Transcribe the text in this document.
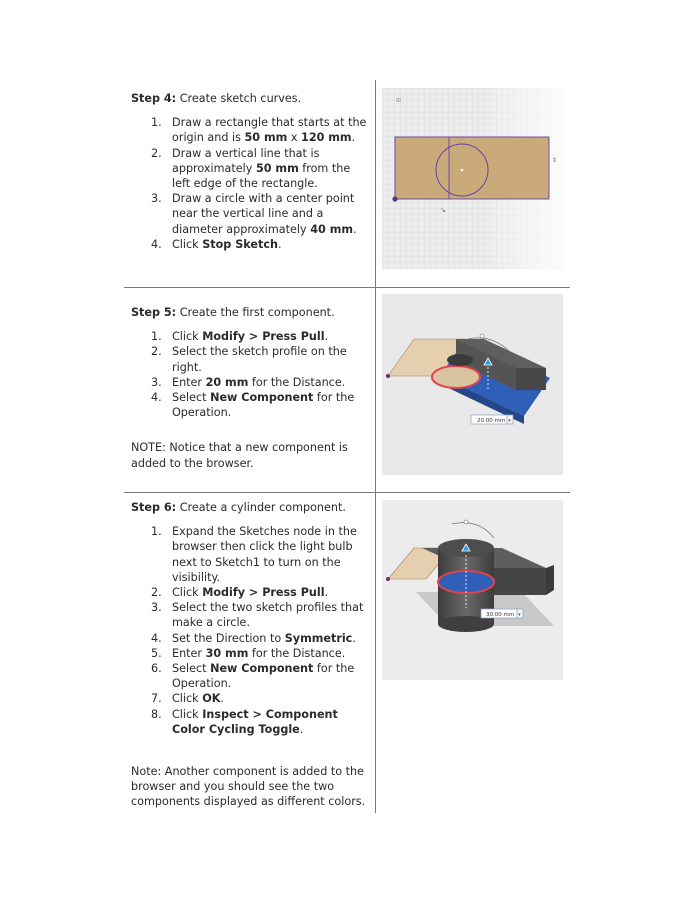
Step 4: Create sketch curves.

1. Draw a rectangle that starts at the origin and is 50 mm x 120 mm.
2. Draw a vertical line that is approximately 50 mm from the left edge of the rectangle.
3. Draw a circle with a center point near the vertical line and a diameter approximately 40 mm.
4. Click Stop Sketch.

Step 5: Create the first component.

1. Click Modify > Press Pull.
2. Select the sketch profile on the right.
3. Enter 20 mm for the Distance.
4. Select New Component for the Operation.

NOTE: Notice that a new component is added to the browser.

Step 6: Create a cylinder component.

1. Expand the Sketches node in the browser then click the light bulb next to Sketch1 to turn on the visibility.
2. Click Modify > Press Pull.
3. Select the two sketch profiles that make a circle.
4. Set the Direction to Symmetric.
5. Enter 30 mm for the Distance.
6. Select New Component for the Operation.
7. Click OK.
8. Click Inspect > Component Color Cycling Toggle.

Note: Another component is added to the browser and you should see the two components displayed as different colors.

⊞
↘
↕
20.00 mm ▾
30.00 mm ▾
